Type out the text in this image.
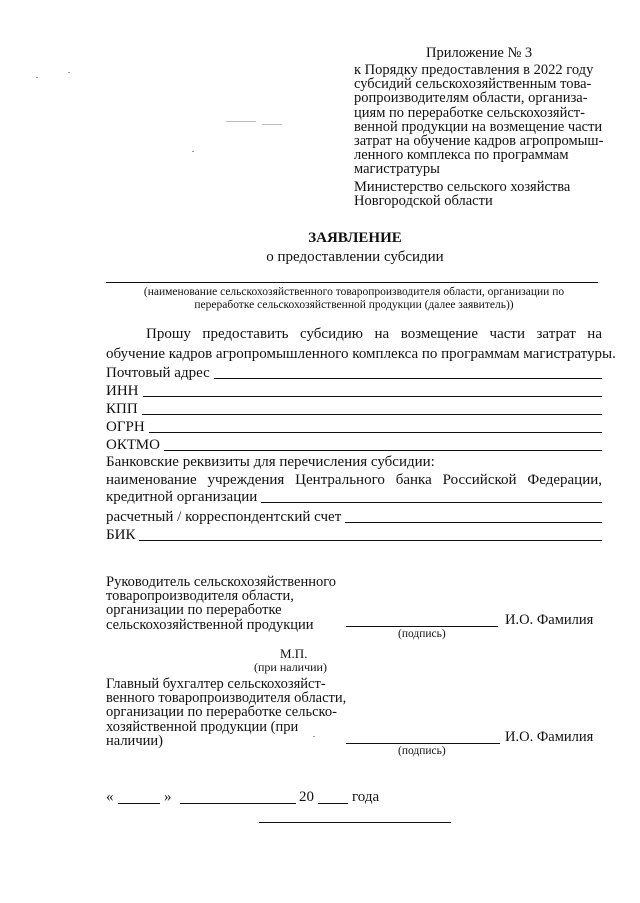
Приложение № 3
к Порядку предоставления в 2022 году
субсидий сельскохозяйственным това-
ропроизводителям области, организа-
циям по переработке сельскохозяйст-
венной продукции на возмещение части
затрат на обучение кадров агропромыш-
ленного комплекса по программам
магистратуры
Министерство сельского хозяйства
Новгородской области
ЗАЯВЛЕНИЕ
о предоставлении субсидии
(наименование сельскохозяйственного товаропроизводителя области, организации по
переработке сельскохозяйственной продукции (далее заявитель))
Прошу предоставить субсидию на возмещение части затрат на
обучение кадров агропромышленного комплекса по программам магистратуры.
Почтовый адрес
ИНН
КПП
ОГРН
ОКТМО
Банковские реквизиты для перечисления субсидии:
наименование учреждения Центрального банка Российской Федерации,
кредитной организации
расчетный / корреспондентский счет
БИК
Руководитель сельскохозяйственного
товаропроизводителя области,
организации по переработке
сельскохозяйственной продукции
(подпись)
И.О. Фамилия
М.П.
(при наличии)
Главный бухгалтер сельскохозяйст-
венного товаропроизводителя области,
организации по переработке сельско-
хозяйственной продукции (при
наличии)
(подпись)
И.О. Фамилия
«	»	20	года
